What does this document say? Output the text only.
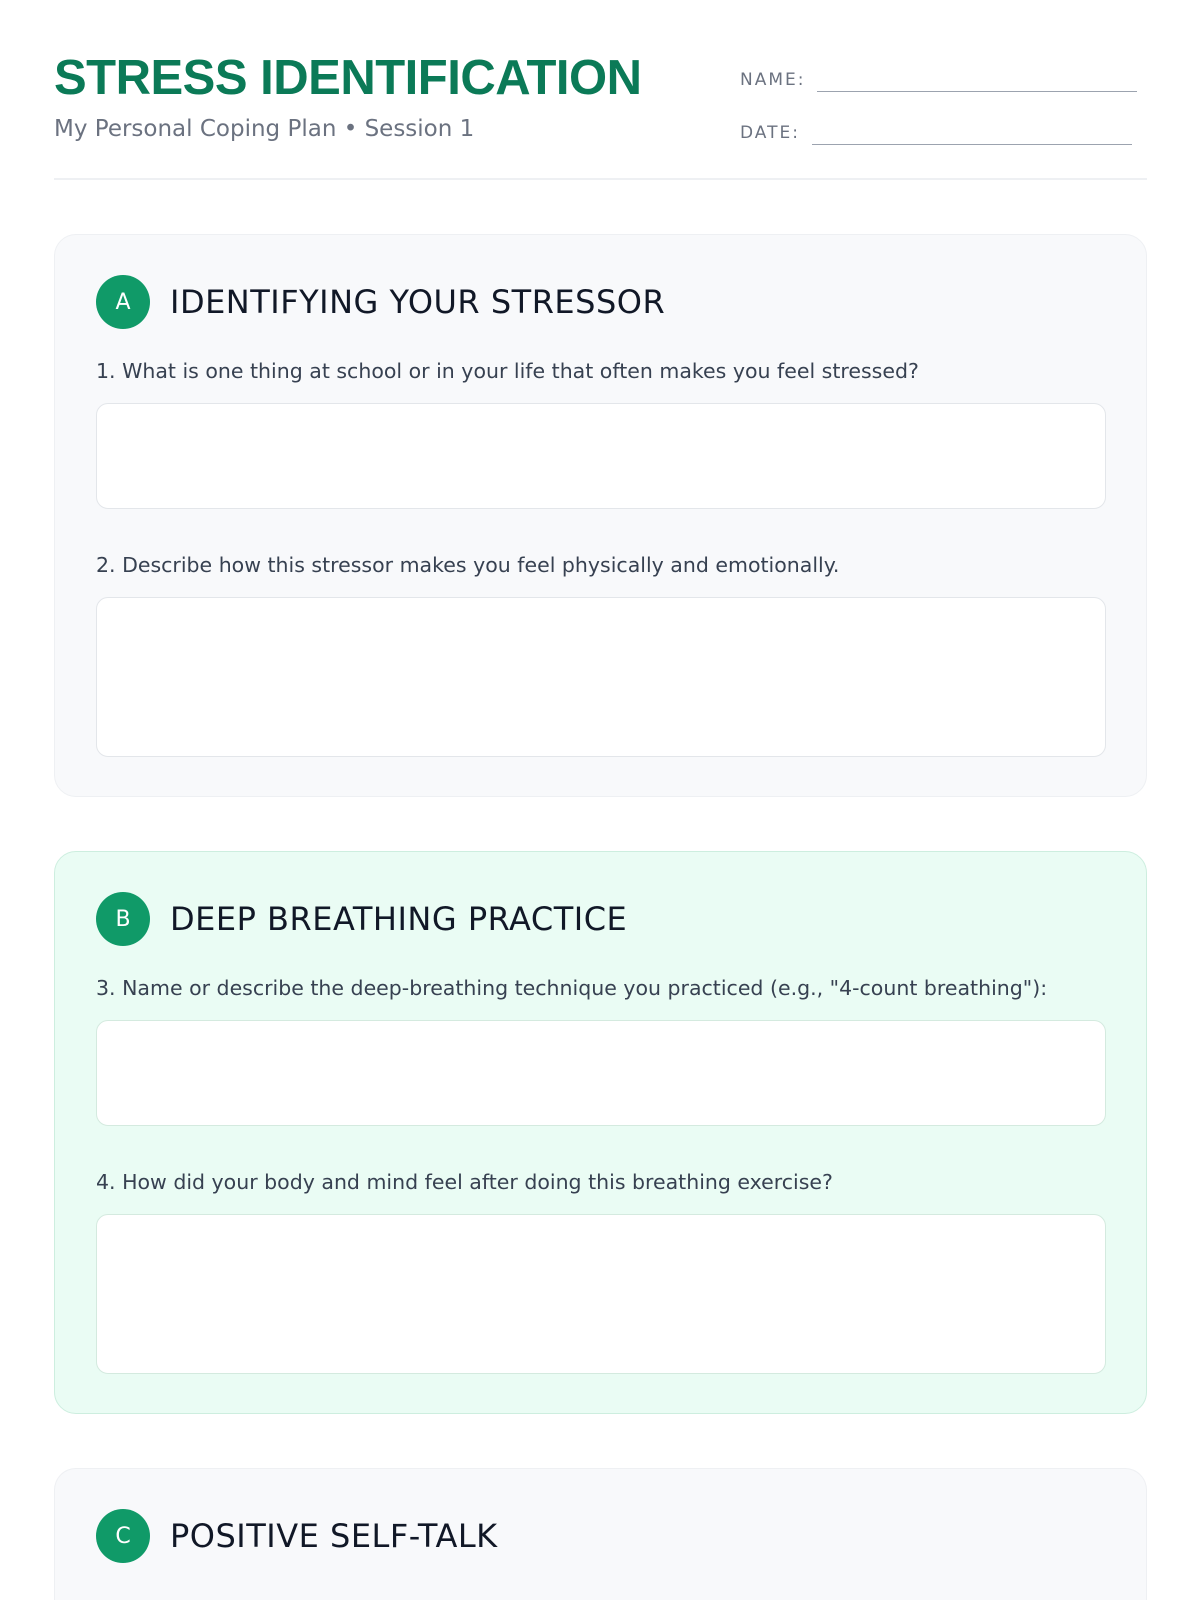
STRESS IDENTIFICATION
My Personal Coping Plan • Session 1
NAME:
DATE:
A	IDENTIFYING YOUR STRESSOR
1. What is one thing at school or in your life that often makes you feel stressed?
2. Describe how this stressor makes you feel physically and emotionally.
B	DEEP BREATHING PRACTICE
3. Name or describe the deep-breathing technique you practiced (e.g., "4-count breathing"):
4. How did your body and mind feel after doing this breathing exercise?
C	POSITIVE SELF-TALK
